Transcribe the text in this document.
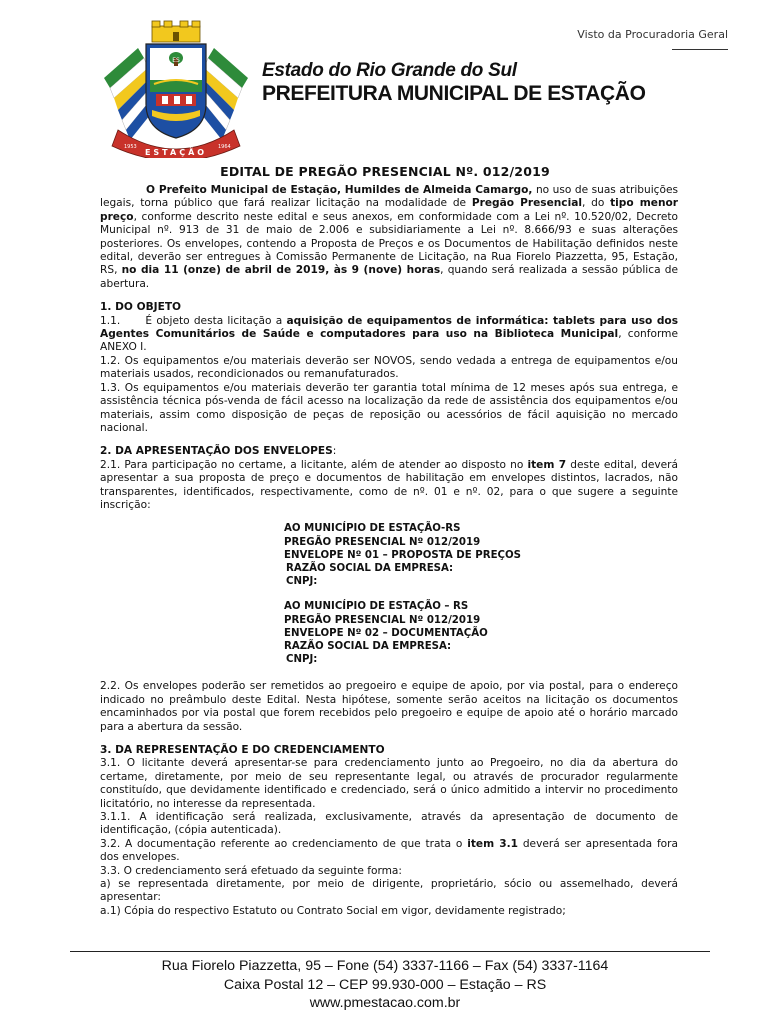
Visto da Procuradoria Geral
ES
ESTAÇÃO
1953	1964
Estado do Rio Grande do Sul
PREFEITURA MUNICIPAL DE ESTAÇÃO
EDITAL DE PREGÃO PRESENCIAL Nº. 012/2019

O Prefeito Municipal de Estação, Humildes de Almeida Camargo, no uso de suas atribuições legais, torna público que fará realizar licitação na modalidade de Pregão Presencial, do tipo menor preço, conforme descrito neste edital e seus anexos, em conformidade com a Lei nº. 10.520/02, Decreto Municipal nº. 913 de 31 de maio de 2.006 e subsidiariamente a Lei nº. 8.666/93 e suas alterações posteriores. Os envelopes, contendo a Proposta de Preços e os Documentos de Habilitação definidos neste edital, deverão ser entregues à Comissão Permanente de Licitação, na Rua Fiorelo Piazzetta, 95, Estação, RS, no dia 11 (onze) de abril de 2019, às 9 (nove) horas, quando será realizada a sessão pública de abertura.

1. DO OBJETO

1.1.      É objeto desta licitação a aquisição de equipamentos de informática: tablets para uso dos Agentes Comunitários de Saúde e computadores para uso na Biblioteca Municipal, conforme ANEXO I.

1.2. Os equipamentos e/ou materiais deverão ser NOVOS, sendo vedada a entrega de equipamentos e/ou materiais usados, recondicionados ou remanufaturados.

1.3. Os equipamentos e/ou materiais deverão ter garantia total mínima de 12 meses após sua entrega, e assistência técnica pós-venda de fácil acesso na localização da rede de assistência dos equipamentos e/ou materiais, assim como disposição de peças de reposição ou acessórios de fácil aquisição no mercado nacional.

2. DA APRESENTAÇÃO DOS ENVELOPES:

2.1. Para participação no certame, a licitante, além de atender ao disposto no item 7 deste edital, deverá apresentar a sua proposta de preço e documentos de habilitação em envelopes distintos, lacrados, não transparentes, identificados, respectivamente, como de nº. 01 e nº. 02, para o que sugere a seguinte inscrição:

AO MUNICÍPIO DE ESTAÇÃO-RS
PREGÃO PRESENCIAL Nº 012/2019
ENVELOPE Nº 01 – PROPOSTA DE PREÇOS
RAZÃO SOCIAL DA EMPRESA:
CNPJ:
AO MUNICÍPIO DE ESTAÇÃO – RS
PREGÃO PRESENCIAL Nº 012/2019
ENVELOPE Nº 02 – DOCUMENTAÇÃO
RAZÃO SOCIAL DA EMPRESA:
CNPJ:

2.2. Os envelopes poderão ser remetidos ao pregoeiro e equipe de apoio, por via postal, para o endereço indicado no preâmbulo deste Edital. Nesta hipótese, somente serão aceitos na licitação os documentos encaminhados por via postal que forem recebidos pelo pregoeiro e equipe de apoio até o horário marcado para a abertura da sessão.

3. DA REPRESENTAÇÃO E DO CREDENCIAMENTO

3.1. O licitante deverá apresentar-se para credenciamento junto ao Pregoeiro, no dia da abertura do certame, diretamente, por meio de seu representante legal, ou através de procurador regularmente constituído, que devidamente identificado e credenciado, será o único admitido a intervir no procedimento licitatório, no interesse da representada.

3.1.1. A identificação será realizada, exclusivamente, através da apresentação de documento de identificação, (cópia autenticada).

3.2. A documentação referente ao credenciamento de que trata o item 3.1 deverá ser apresentada fora dos envelopes.

3.3. O credenciamento será efetuado da seguinte forma:

a) se representada diretamente, por meio de dirigente, proprietário, sócio ou assemelhado, deverá apresentar:

a.1) Cópia do respectivo Estatuto ou Contrato Social em vigor, devidamente registrado;

Rua Fiorelo Piazzetta, 95 – Fone (54) 3337-1166 – Fax (54) 3337-1164
Caixa Postal 12 – CEP 99.930-000 – Estação – RS
www.pmestacao.com.br
